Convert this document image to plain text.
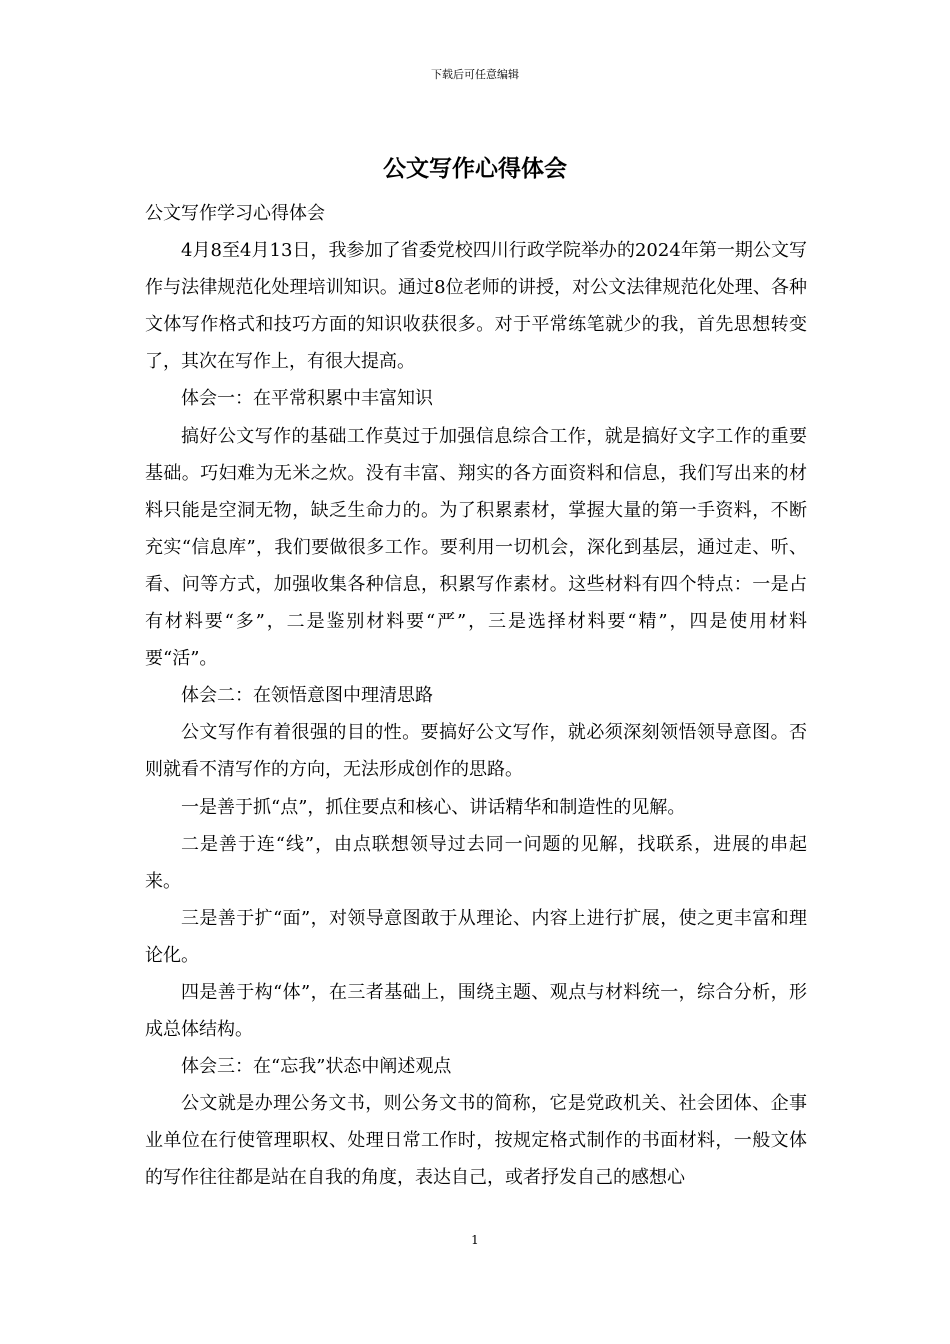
下载后可任意编辑
公文写作心得体会

公文写作学习心得体会

4月8至4月13日，我参加了省委党校四川行政学院举办的2024年第一期公文写作与法律规范化处理培训知识。通过8位老师的讲授，对公文法律规范化处理、各种文体写作格式和技巧方面的知识收获很多。对于平常练笔就少的我，首先思想转变了，其次在写作上，有很大提高。

体会一：在平常积累中丰富知识

搞好公文写作的基础工作莫过于加强信息综合工作，就是搞好文字工作的重要基础。巧妇难为无米之炊。没有丰富、翔实的各方面资料和信息，我们写出来的材料只能是空洞无物，缺乏生命力的。为了积累素材，掌握大量的第一手资料，不断充实“信息库”，我们要做很多工作。要利用一切机会，深化到基层，通过走、听、看、问等方式，加强收集各种信息，积累写作素材。这些材料有四个特点：一是占有材料要“多”，二是鉴别材料要“严”，三是选择材料要“精”，四是使用材料要“活”。

体会二：在领悟意图中理清思路

公文写作有着很强的目的性。要搞好公文写作，就必须深刻领悟领导意图。否则就看不清写作的方向，无法形成创作的思路。

一是善于抓“点”，抓住要点和核心、讲话精华和制造性的见解。

二是善于连“线”，由点联想领导过去同一问题的见解，找联系，进展的串起来。

三是善于扩“面”，对领导意图敢于从理论、内容上进行扩展，使之更丰富和理论化。

四是善于构“体”，在三者基础上，围绕主题、观点与材料统一，综合分析，形成总体结构。

体会三：在“忘我”状态中阐述观点

公文就是办理公务文书，则公务文书的简称，它是党政机关、社会团体、企事业单位在行使管理职权、处理日常工作时，按规定格式制作的书面材料，一般文体的写作往往都是站在自我的角度，表达自己，或者抒发自己的感想心

1
